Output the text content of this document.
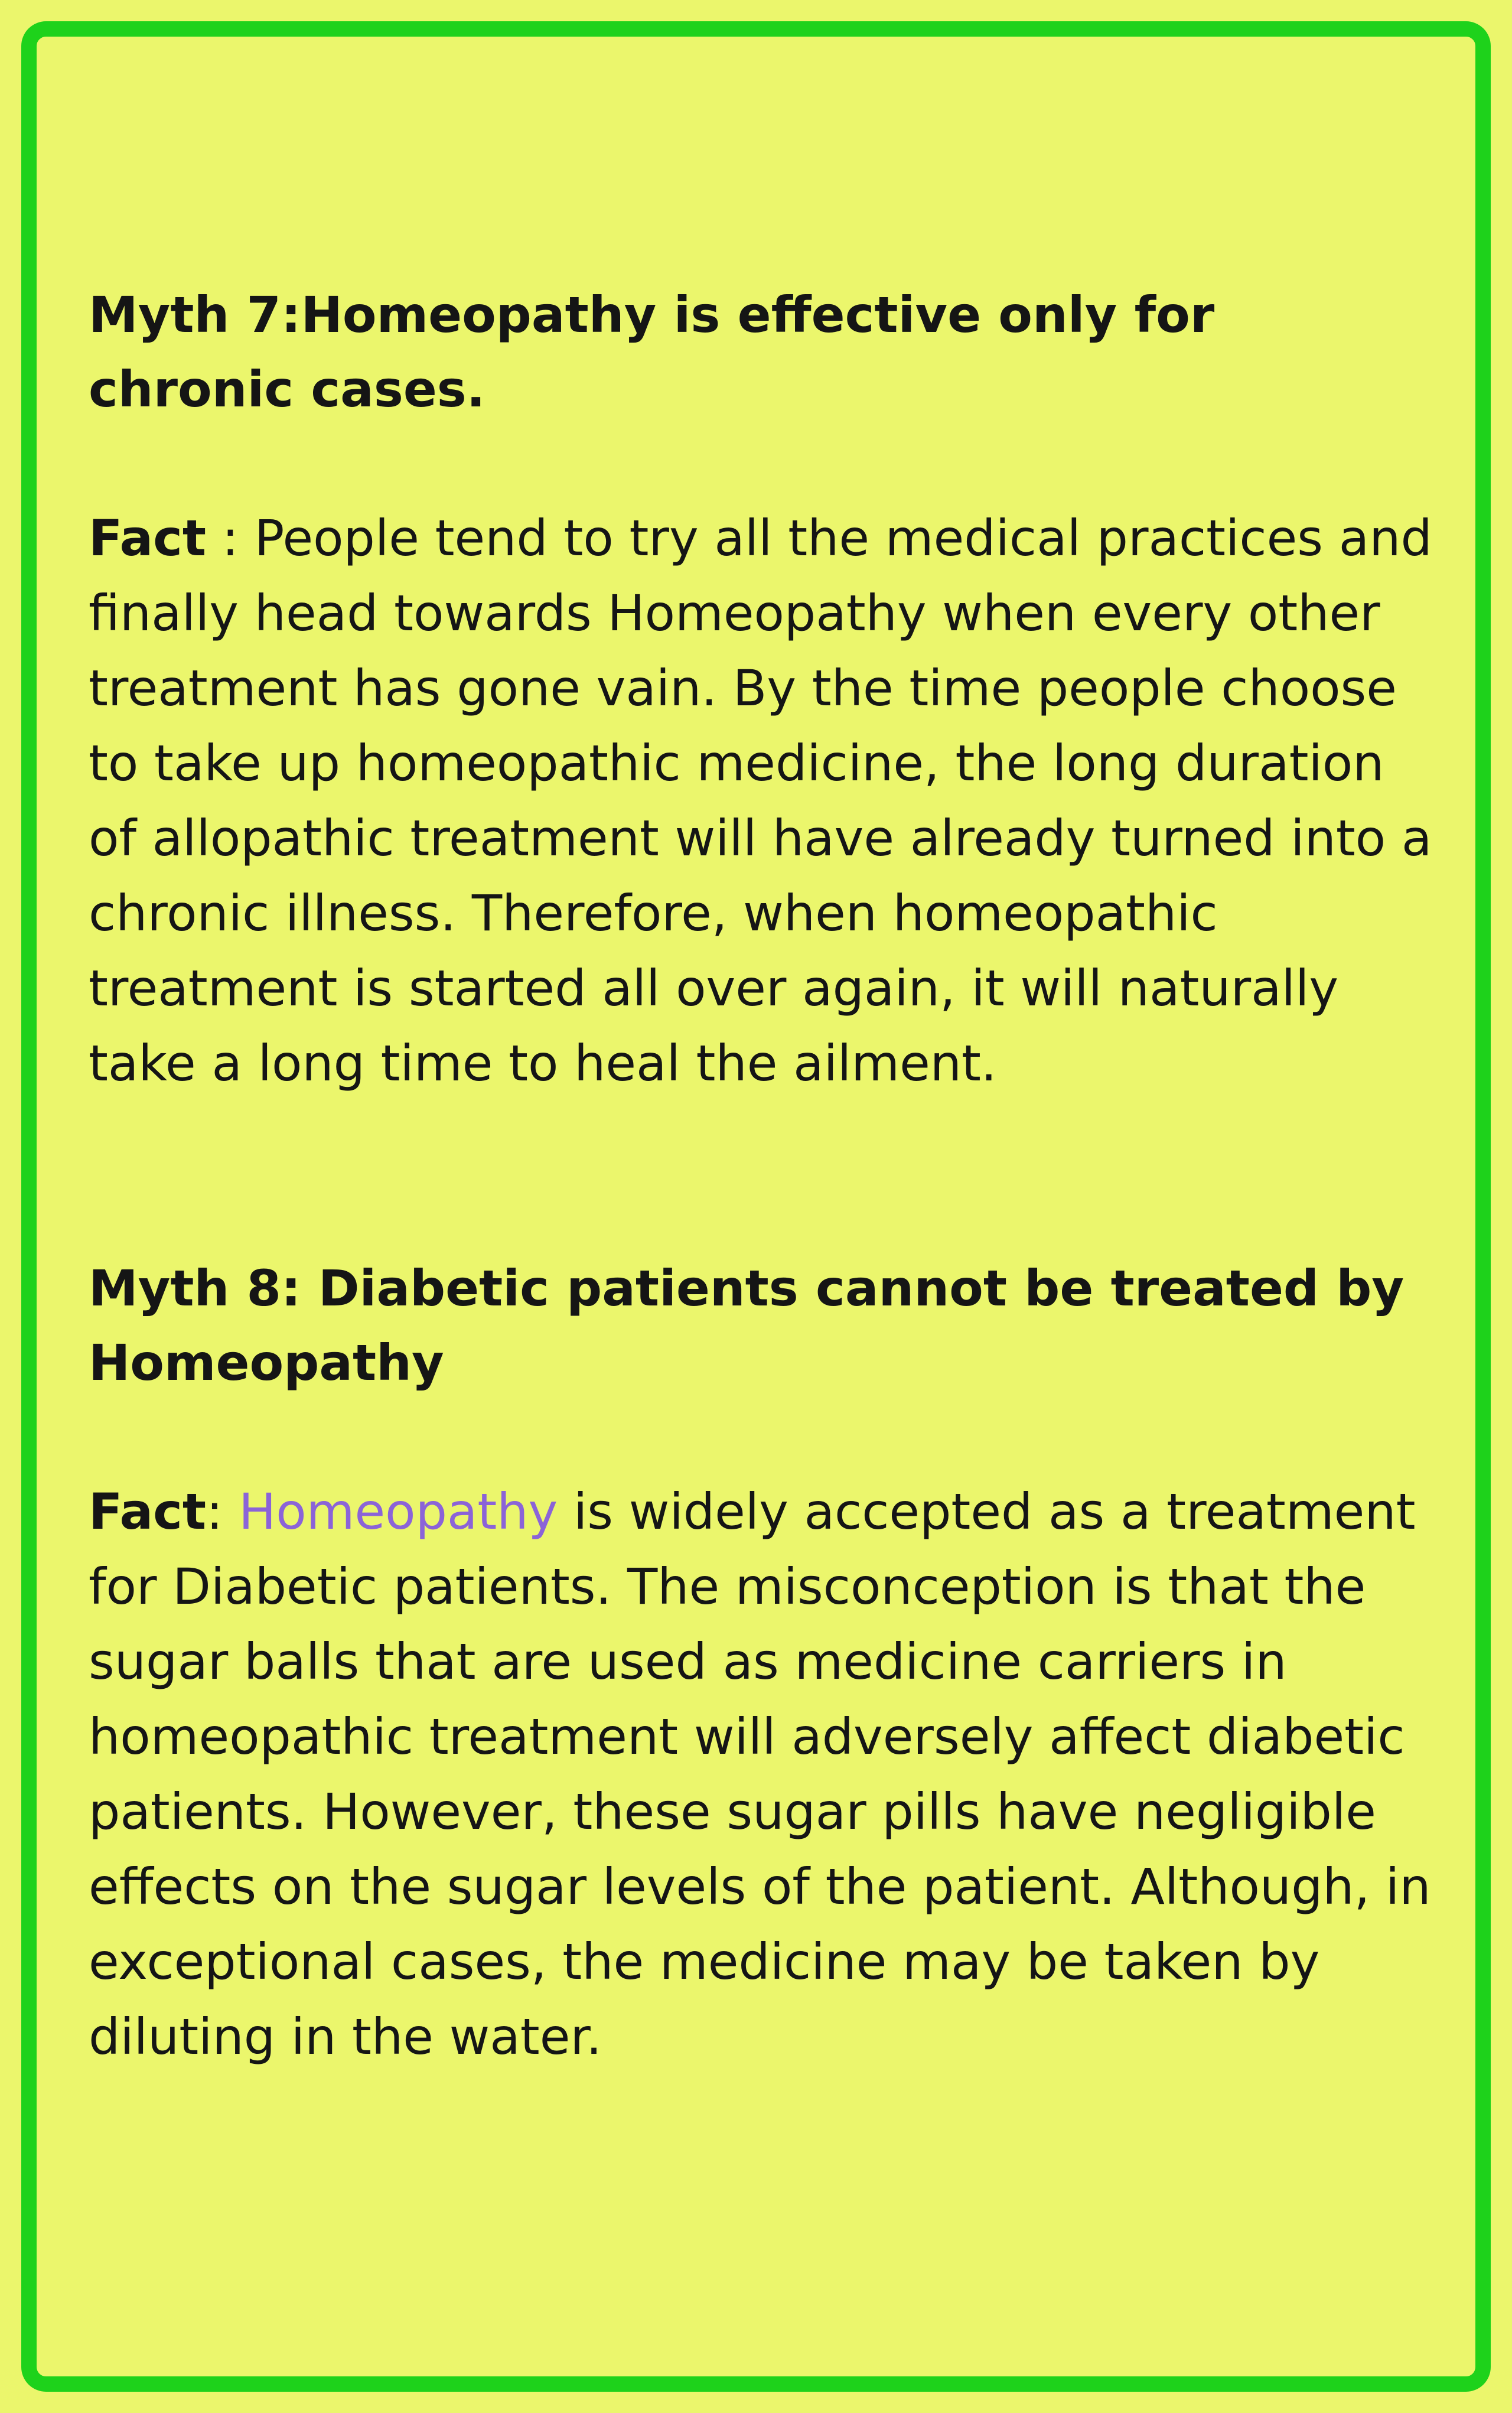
Myth 7:Homeopathy is effective only for chronic cases.

Fact : People tend to try all the medical practices and finally head towards Homeopathy when every other treatment has gone vain. By the time people choose to take up homeopathic medicine, the long duration of allopathic treatment will have already turned into a chronic illness. Therefore, when homeopathic treatment is started all over again, it will naturally take a long time to heal the ailment.

Myth 8: Diabetic patients cannot be treated by Homeopathy

Fact: Homeopathy is widely accepted as a treatment for Diabetic patients. The misconception is that the sugar balls that are used as medicine carriers in homeopathic treatment will adversely affect diabetic patients. However, these sugar pills have negligible effects on the sugar levels of the patient. Although, in exceptional cases, the medicine may be taken by diluting in the water.
